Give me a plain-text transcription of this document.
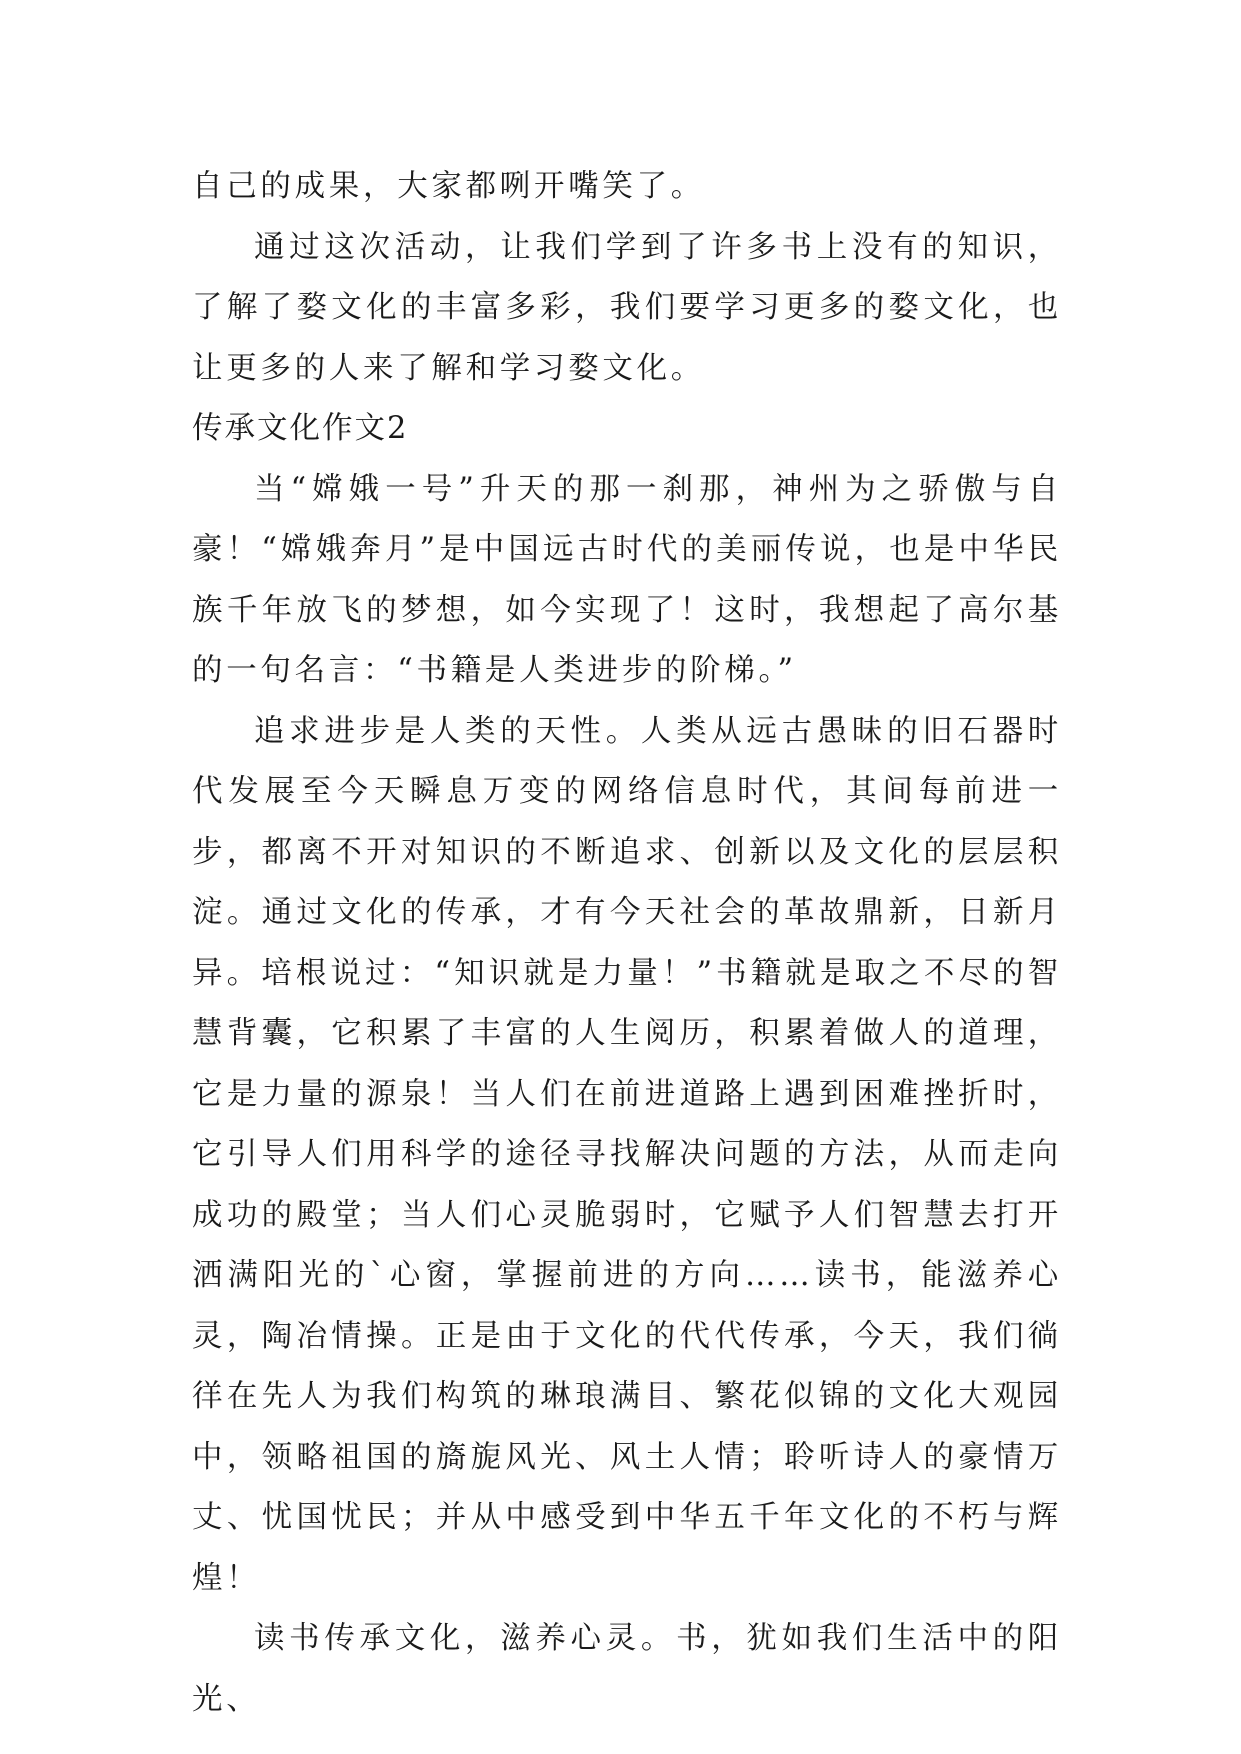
自己的成果，大家都咧开嘴笑了。

通过这次活动，让我们学到了许多书上没有的知识，了解了婺文化的丰富多彩，我们要学习更多的婺文化，也让更多的人来了解和学习婺文化。

传承文化作文2

当“嫦娥一号”升天的那一刹那，神州为之骄傲与自豪！“嫦娥奔月”是中国远古时代的美丽传说，也是中华民族千年放飞的梦想，如今实现了！这时，我想起了高尔基的一句名言：“书籍是人类进步的阶梯。”

追求进步是人类的天性。人类从远古愚昧的旧石器时代发展至今天瞬息万变的网络信息时代，其间每前进一步，都离不开对知识的不断追求、创新以及文化的层层积淀。通过文化的传承，才有今天社会的革故鼎新，日新月异。培根说过：“知识就是力量！”书籍就是取之不尽的智慧背囊，它积累了丰富的人生阅历，积累着做人的道理，它是力量的源泉！当人们在前进道路上遇到困难挫折时，它引导人们用科学的途径寻找解决问题的方法，从而走向成功的殿堂；当人们心灵脆弱时，它赋予人们智慧去打开洒满阳光的`心窗，掌握前进的方向……读书，能滋养心灵，陶冶情操。正是由于文化的代代传承，今天，我们徜徉在先人为我们构筑的琳琅满目、繁花似锦的文化大观园中，领略祖国的旖旎风光、风土人情；聆听诗人的豪情万丈、忧国忧民；并从中感受到中华五千年文化的不朽与辉煌！

读书传承文化，滋养心灵。书，犹如我们生活中的阳光、
